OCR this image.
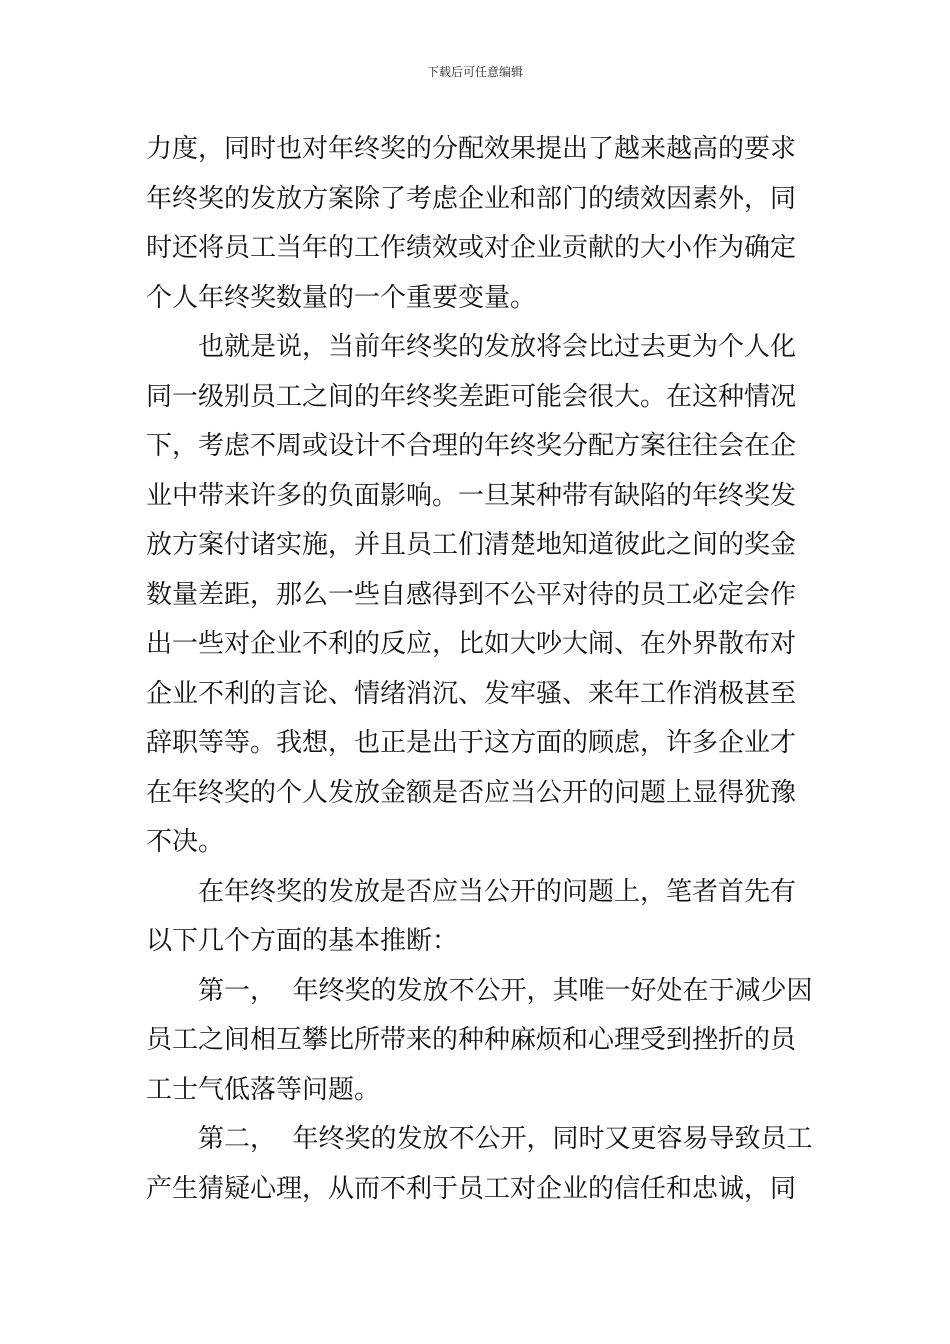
下载后可任意编辑
力度，同时也对年终奖的分配效果提出了越来越高的要求
年终奖的发放方案除了考虑企业和部门的绩效因素外，同
时还将员工当年的工作绩效或对企业贡献的大小作为确定
个人年终奖数量的一个重要变量。
也就是说，当前年终奖的发放将会比过去更为个人化
同一级别员工之间的年终奖差距可能会很大。在这种情况
下，考虑不周或设计不合理的年终奖分配方案往往会在企
业中带来许多的负面影响。一旦某种带有缺陷的年终奖发
放方案付诸实施，并且员工们清楚地知道彼此之间的奖金
数量差距，那么一些自感得到不公平对待的员工必定会作
出一些对企业不利的反应，比如大吵大闹、在外界散布对
企业不利的言论、情绪消沉、发牢骚、来年工作消极甚至
辞职等等。我想，也正是出于这方面的顾虑，许多企业才
在年终奖的个人发放金额是否应当公开的问题上显得犹豫
不决。
在年终奖的发放是否应当公开的问题上，笔者首先有
以下几个方面的基本推断：
第一，  年终奖的发放不公开，其唯一好处在于减少因
员工之间相互攀比所带来的种种麻烦和心理受到挫折的员
工士气低落等问题。
第二，  年终奖的发放不公开，同时又更容易导致员工
产生猜疑心理，从而不利于员工对企业的信任和忠诚，同
